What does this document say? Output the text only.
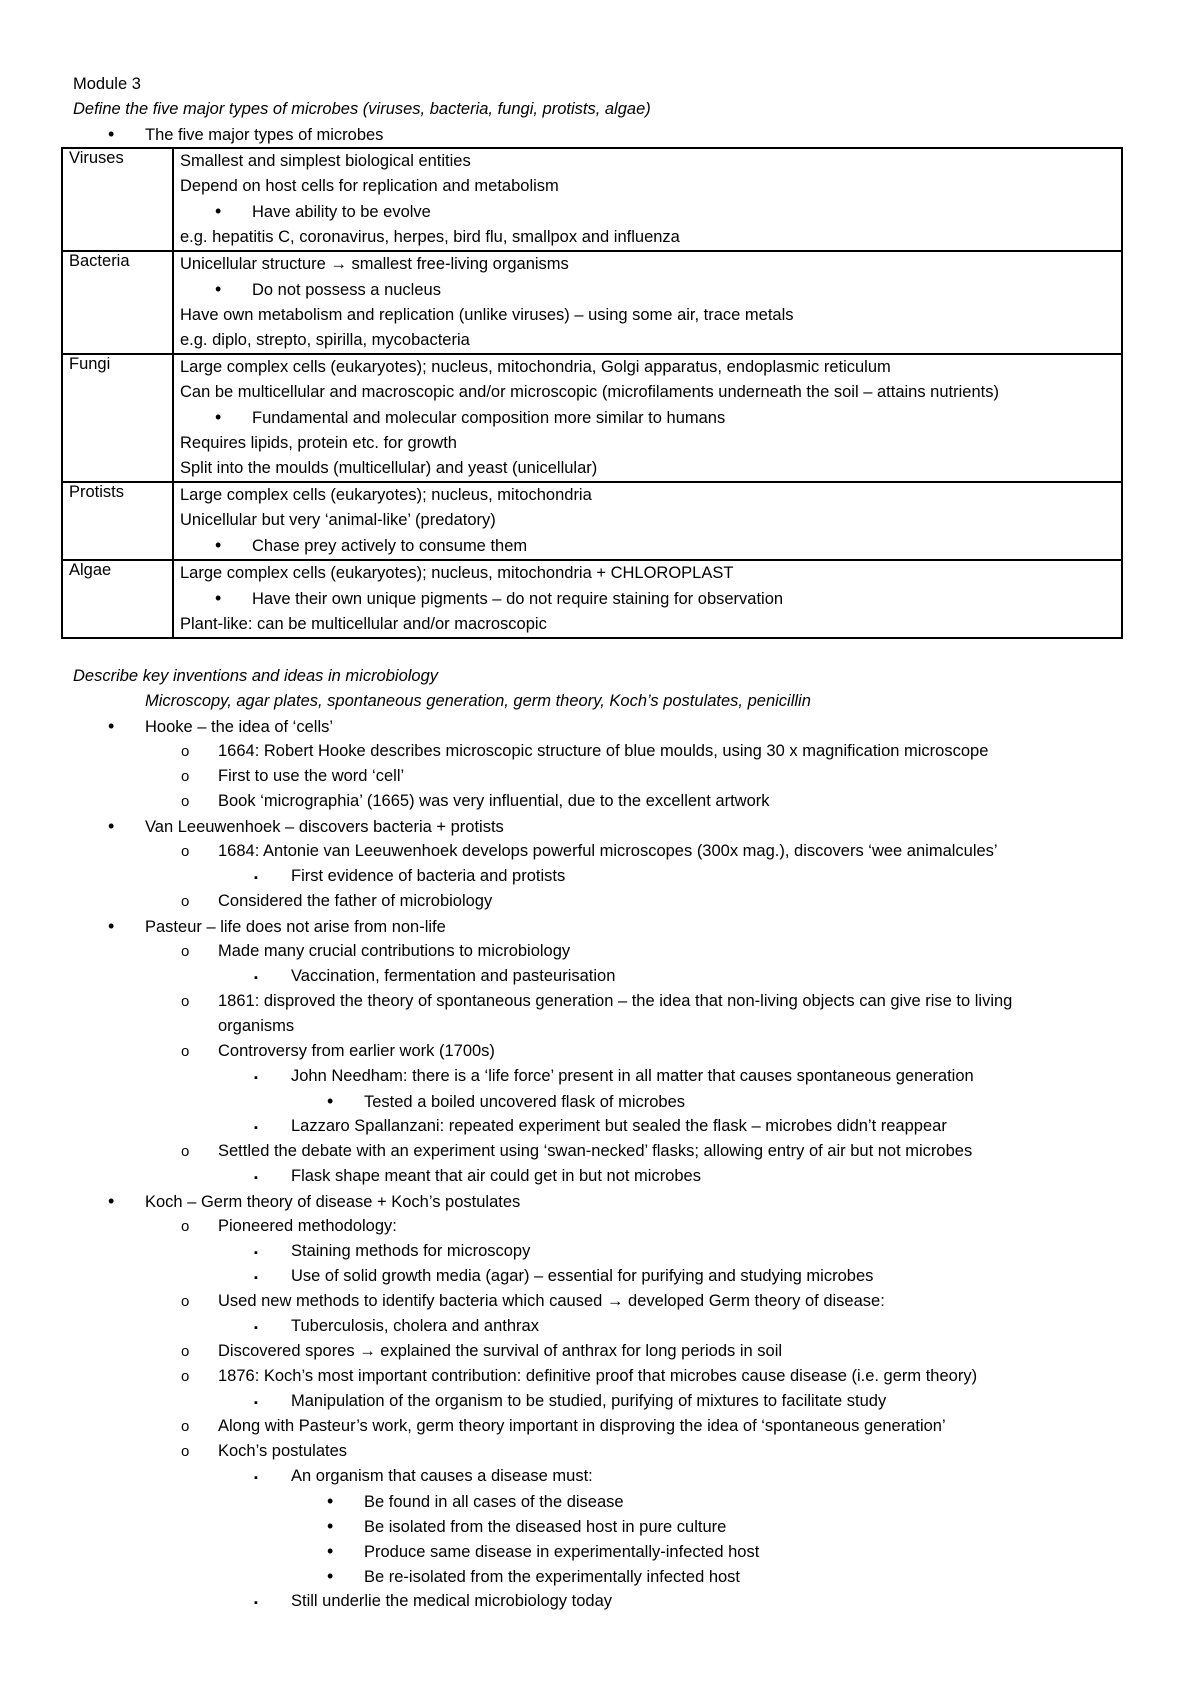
Module 3
Define the five major types of microbes (viruses, bacteria, fungi, protists, algae)
• The five major types of microbes
Viruses	Smallest and simplest biological entities
Depend on host cells for replication and metabolism
• Have ability to be evolve
e.g. hepatitis C, coronavirus, herpes, bird flu, smallpox and influenza

Bacteria	Unicellular structure → smallest free-living organisms
• Do not possess a nucleus
Have own metabolism and replication (unlike viruses) – using some air, trace metals
e.g. diplo, strepto, spirilla, mycobacteria

Fungi	Large complex cells (eukaryotes); nucleus, mitochondria, Golgi apparatus, endoplasmic reticulum
Can be multicellular and macroscopic and/or microscopic (microfilaments underneath the soil – attains nutrients)
• Fundamental and molecular composition more similar to humans
Requires lipids, protein etc. for growth
Split into the moulds (multicellular) and yeast (unicellular)

Protists	Large complex cells (eukaryotes); nucleus, mitochondria
Unicellular but very ‘animal-like’ (predatory)
• Chase prey actively to consume them

Algae	Large complex cells (eukaryotes); nucleus, mitochondria + CHLOROPLAST
• Have their own unique pigments – do not require staining for observation
Plant-like: can be multicellular and/or macroscopic
Describe key inventions and ideas in microbiology
Microscopy, agar plates, spontaneous generation, germ theory, Koch’s postulates, penicillin
• Hooke – the idea of ‘cells’
o 1664: Robert Hooke describes microscopic structure of blue moulds, using 30 x magnification microscope
o First to use the word ‘cell’
o Book ‘micrographia’ (1665) was very influential, due to the excellent artwork
• Van Leeuwenhoek – discovers bacteria + protists
o 1684: Antonie van Leeuwenhoek develops powerful microscopes (300x mag.), discovers ‘wee animalcules’
▪ First evidence of bacteria and protists
o Considered the father of microbiology
• Pasteur – life does not arise from non-life
o Made many crucial contributions to microbiology
▪ Vaccination, fermentation and pasteurisation
o 1861: disproved the theory of spontaneous generation – the idea that non-living objects can give rise to living
organisms
o Controversy from earlier work (1700s)
▪ John Needham: there is a ‘life force’ present in all matter that causes spontaneous generation
• Tested a boiled uncovered flask of microbes
▪ Lazzaro Spallanzani: repeated experiment but sealed the flask – microbes didn’t reappear
o Settled the debate with an experiment using ‘swan-necked’ flasks; allowing entry of air but not microbes
▪ Flask shape meant that air could get in but not microbes
• Koch – Germ theory of disease + Koch’s postulates
o Pioneered methodology:
▪ Staining methods for microscopy
▪ Use of solid growth media (agar) – essential for purifying and studying microbes
o Used new methods to identify bacteria which caused → developed Germ theory of disease:
▪ Tuberculosis, cholera and anthrax
o Discovered spores → explained the survival of anthrax for long periods in soil
o 1876: Koch’s most important contribution: definitive proof that microbes cause disease (i.e. germ theory)
▪ Manipulation of the organism to be studied, purifying of mixtures to facilitate study
o Along with Pasteur’s work, germ theory important in disproving the idea of ‘spontaneous generation’
o Koch’s postulates
▪ An organism that causes a disease must:
• Be found in all cases of the disease
• Be isolated from the diseased host in pure culture
• Produce same disease in experimentally-infected host
• Be re-isolated from the experimentally infected host
▪ Still underlie the medical microbiology today
